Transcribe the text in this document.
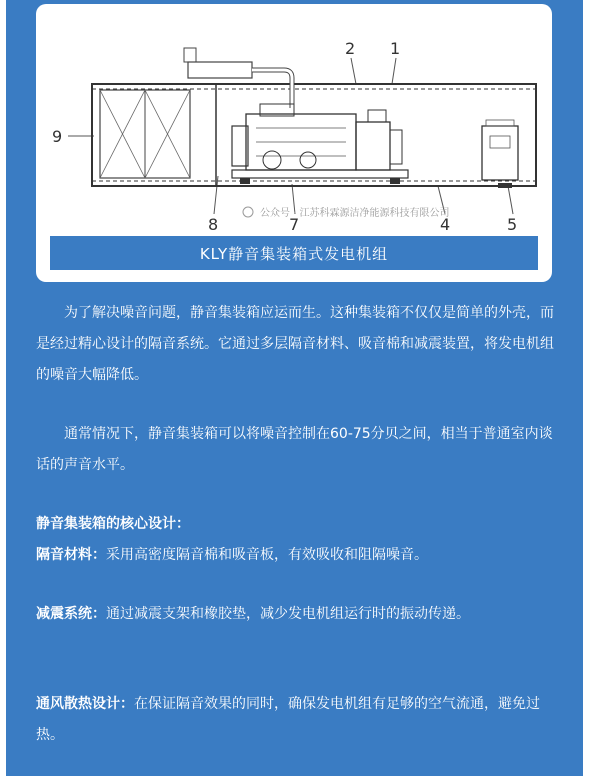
公众号 · 江苏科霖源洁净能源科技有限公司
2 1
9
8	7	4	5
KLY静音集装箱式发电机组

为了解决噪音问题，静音集装箱应运而生。这种集装箱不仅仅是简单的外壳，而是经过精心设计的隔音系统。它通过多层隔音材料、吸音棉和减震装置，将发电机组的噪音大幅降低。

通常情况下，静音集装箱可以将噪音控制在60-75分贝之间，相当于普通室内谈话的声音水平。

静音集装箱的核心设计：

隔音材料：采用高密度隔音棉和吸音板，有效吸收和阻隔噪音。

减震系统：通过减震支架和橡胶垫，减少发电机组运行时的振动传递。

通风散热设计：在保证隔音效果的同时，确保发电机组有足够的空气流通，避免过热。
